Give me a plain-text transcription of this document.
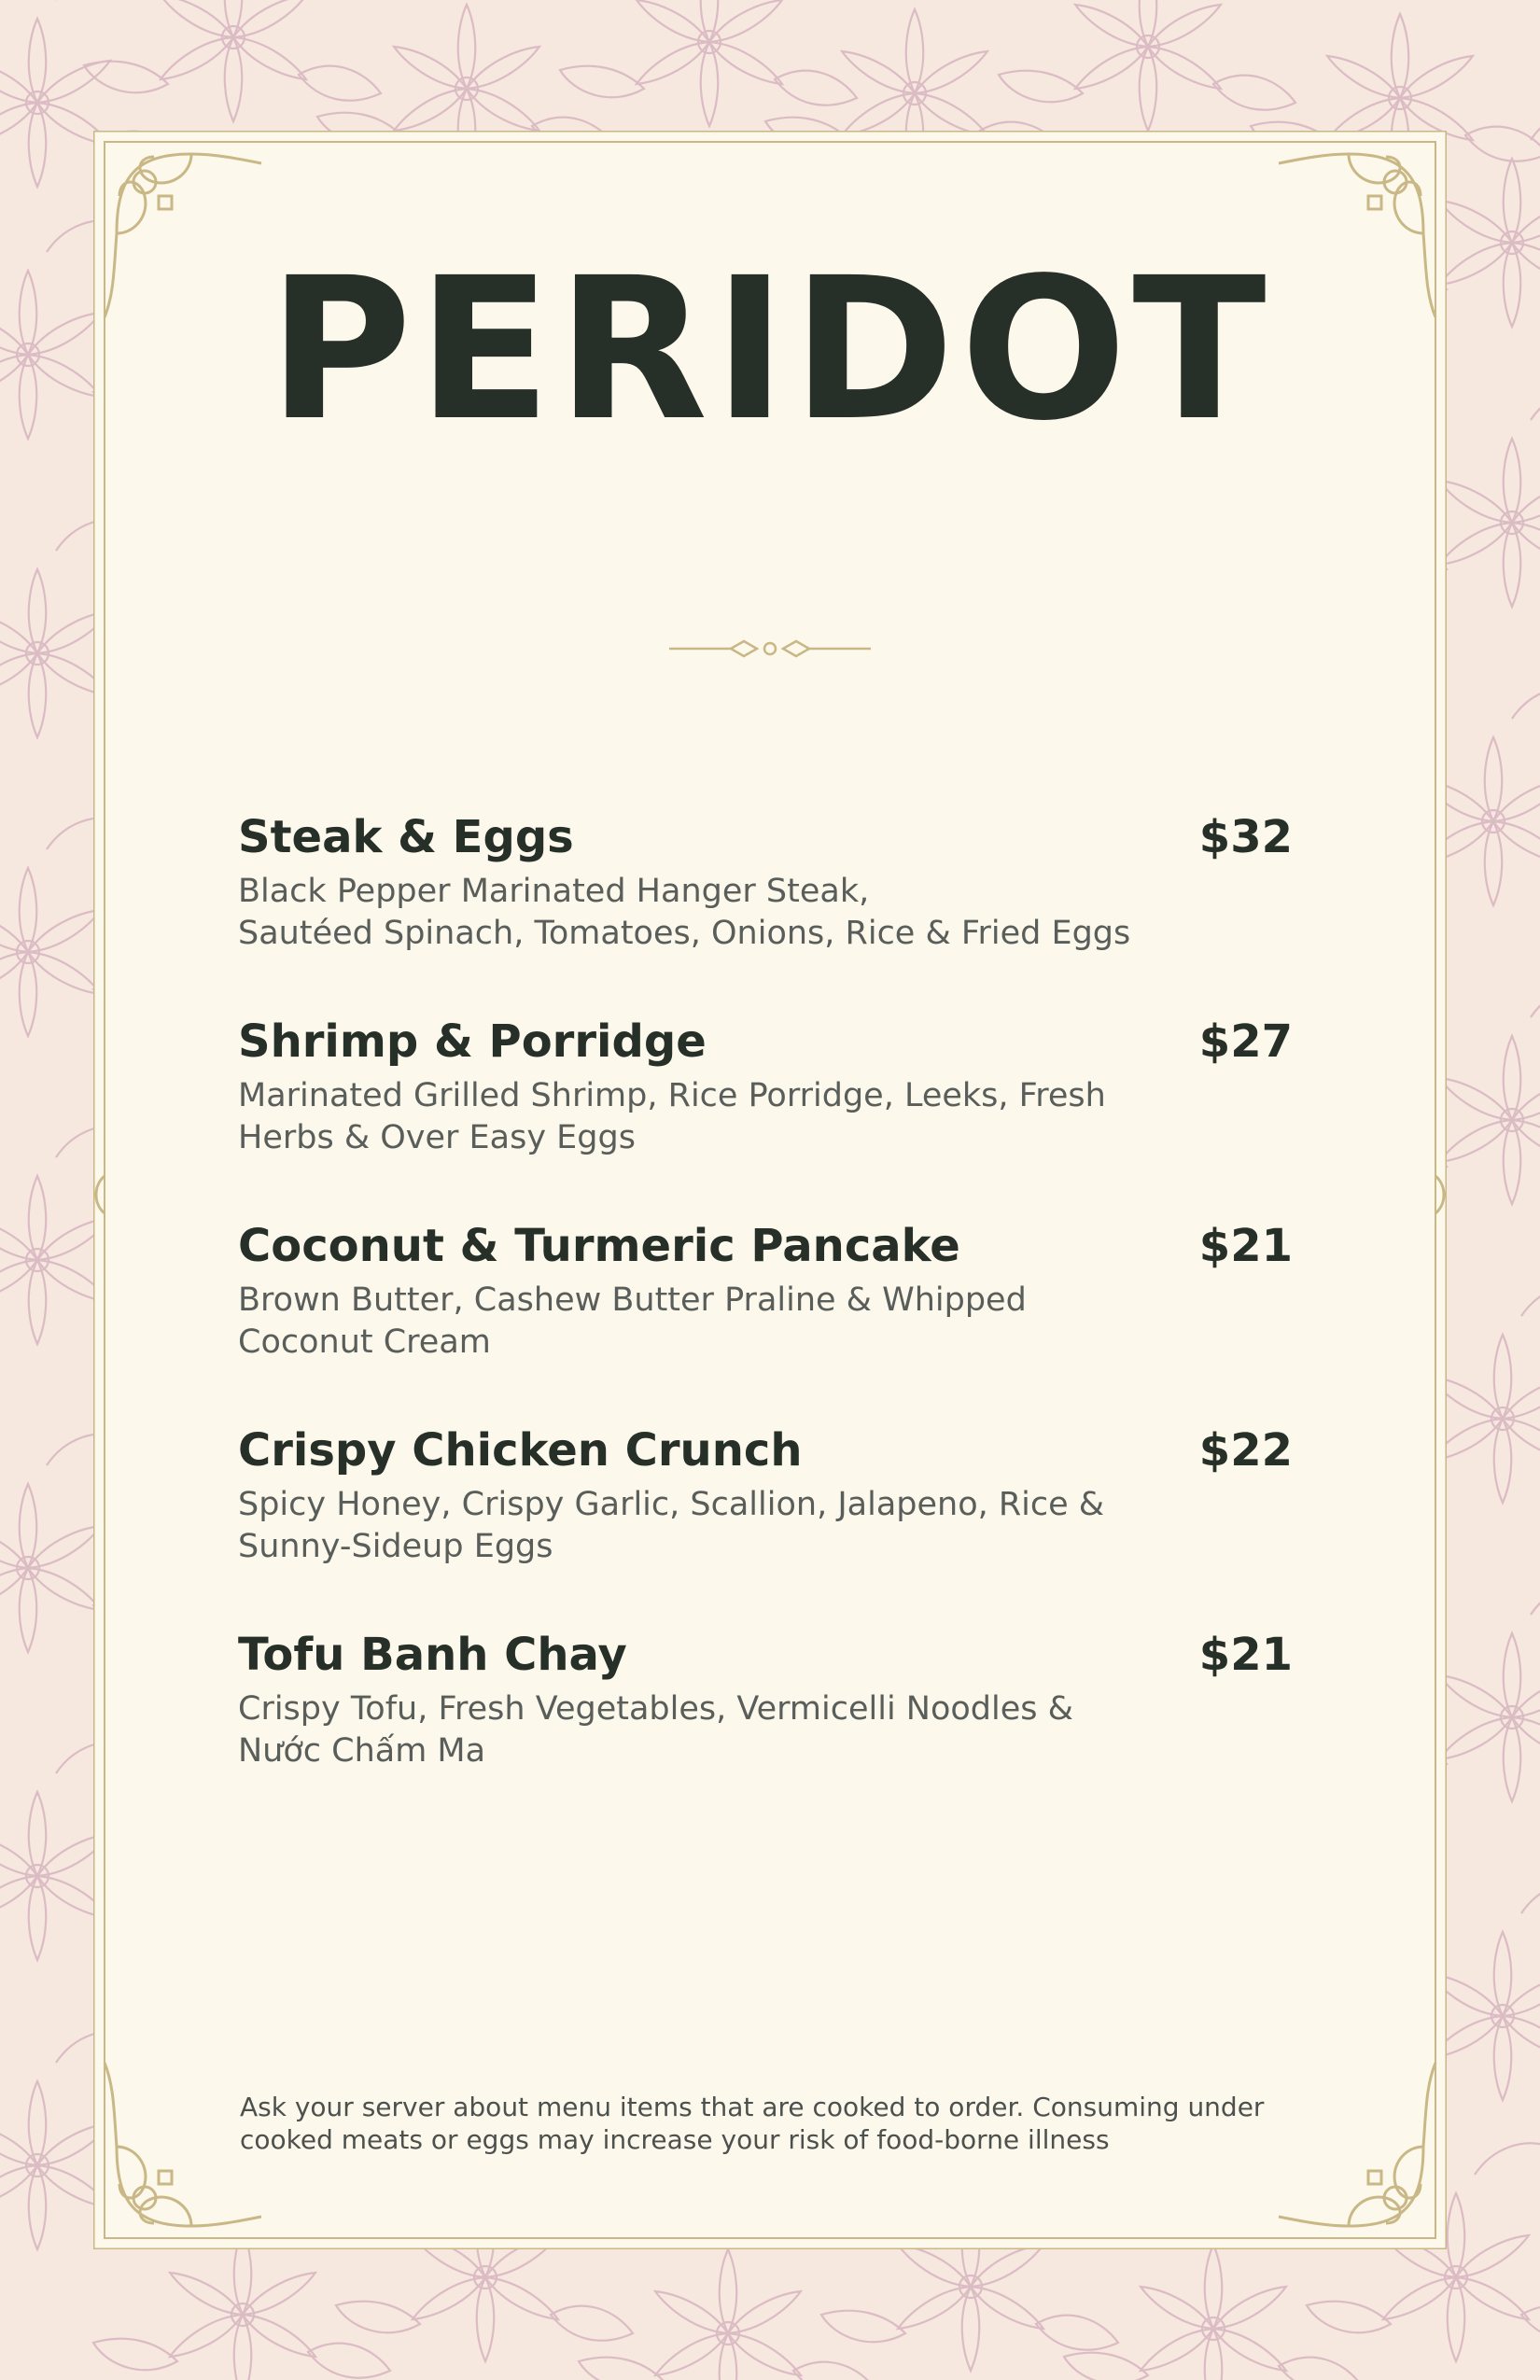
PERIDOT
Steak & Eggs	$32

Black Pepper Marinated Hanger Steak,
Sautéed Spinach, Tomatoes, Onions, Rice & Fried Eggs

Shrimp & Porridge	$27

Marinated Grilled Shrimp, Rice Porridge, Leeks, Fresh
Herbs & Over Easy Eggs

Coconut & Turmeric Pancake	$21

Brown Butter, Cashew Butter Praline & Whipped
Coconut Cream

Crispy Chicken Crunch	$22

Spicy Honey, Crispy Garlic, Scallion, Jalapeno, Rice &
Sunny-Sideup Eggs

Tofu Banh Chay	$21

Crispy Tofu, Fresh Vegetables, Vermicelli Noodles &
Nước Chấm Ma

Ask your server about menu items that are cooked to order. Consuming under
cooked meats or eggs may increase your risk of food-borne illness
